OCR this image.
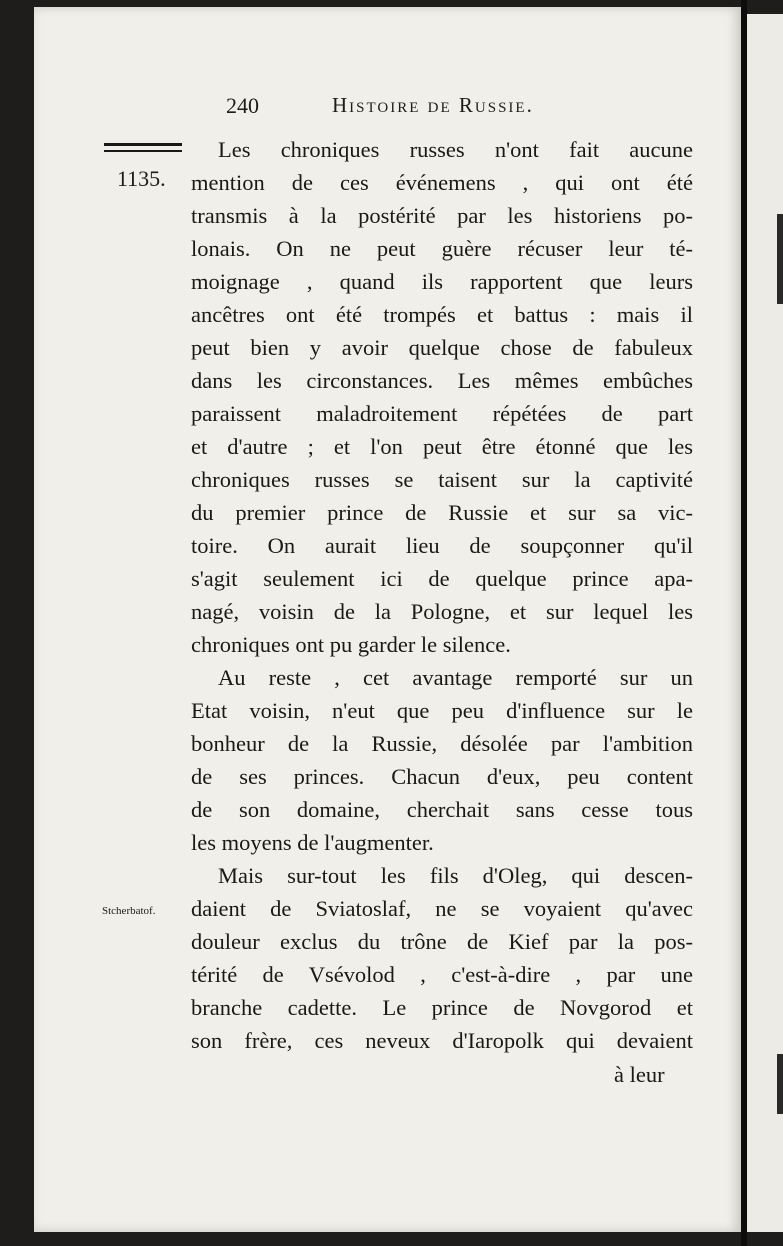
240	Histoire de Russie.
1135.
Stcherbatof.
Les chroniques russes n'ont fait aucune
mention de ces événemens , qui ont été
transmis à la postérité par les historiens po-
lonais. On ne peut guère récuser leur té-
moignage , quand ils rapportent que leurs
ancêtres ont été trompés et battus : mais il
peut bien y avoir quelque chose de fabuleux
dans les circonstances. Les mêmes embûches
paraissent maladroitement répétées de part
et d'autre ; et l'on peut être étonné que les
chroniques russes se taisent sur la captivité
du premier prince de Russie et sur sa vic-
toire. On aurait lieu de soupçonner qu'il
s'agit seulement ici de quelque prince apa-
nagé, voisin de la Pologne, et sur lequel les
chroniques ont pu garder le silence.
Au reste , cet avantage remporté sur un
Etat voisin, n'eut que peu d'influence sur le
bonheur de la Russie, désolée par l'ambition
de ses princes. Chacun d'eux, peu content
de son domaine, cherchait sans cesse tous
les moyens de l'augmenter.
Mais sur-tout les fils d'Oleg, qui descen-
daient de Sviatoslaf, ne se voyaient qu'avec
douleur exclus du trône de Kief par la pos-
térité de Vsévolod , c'est-à-dire , par une
branche cadette. Le prince de Novgorod et
son frère, ces neveux d'Iaropolk qui devaient
à leur
